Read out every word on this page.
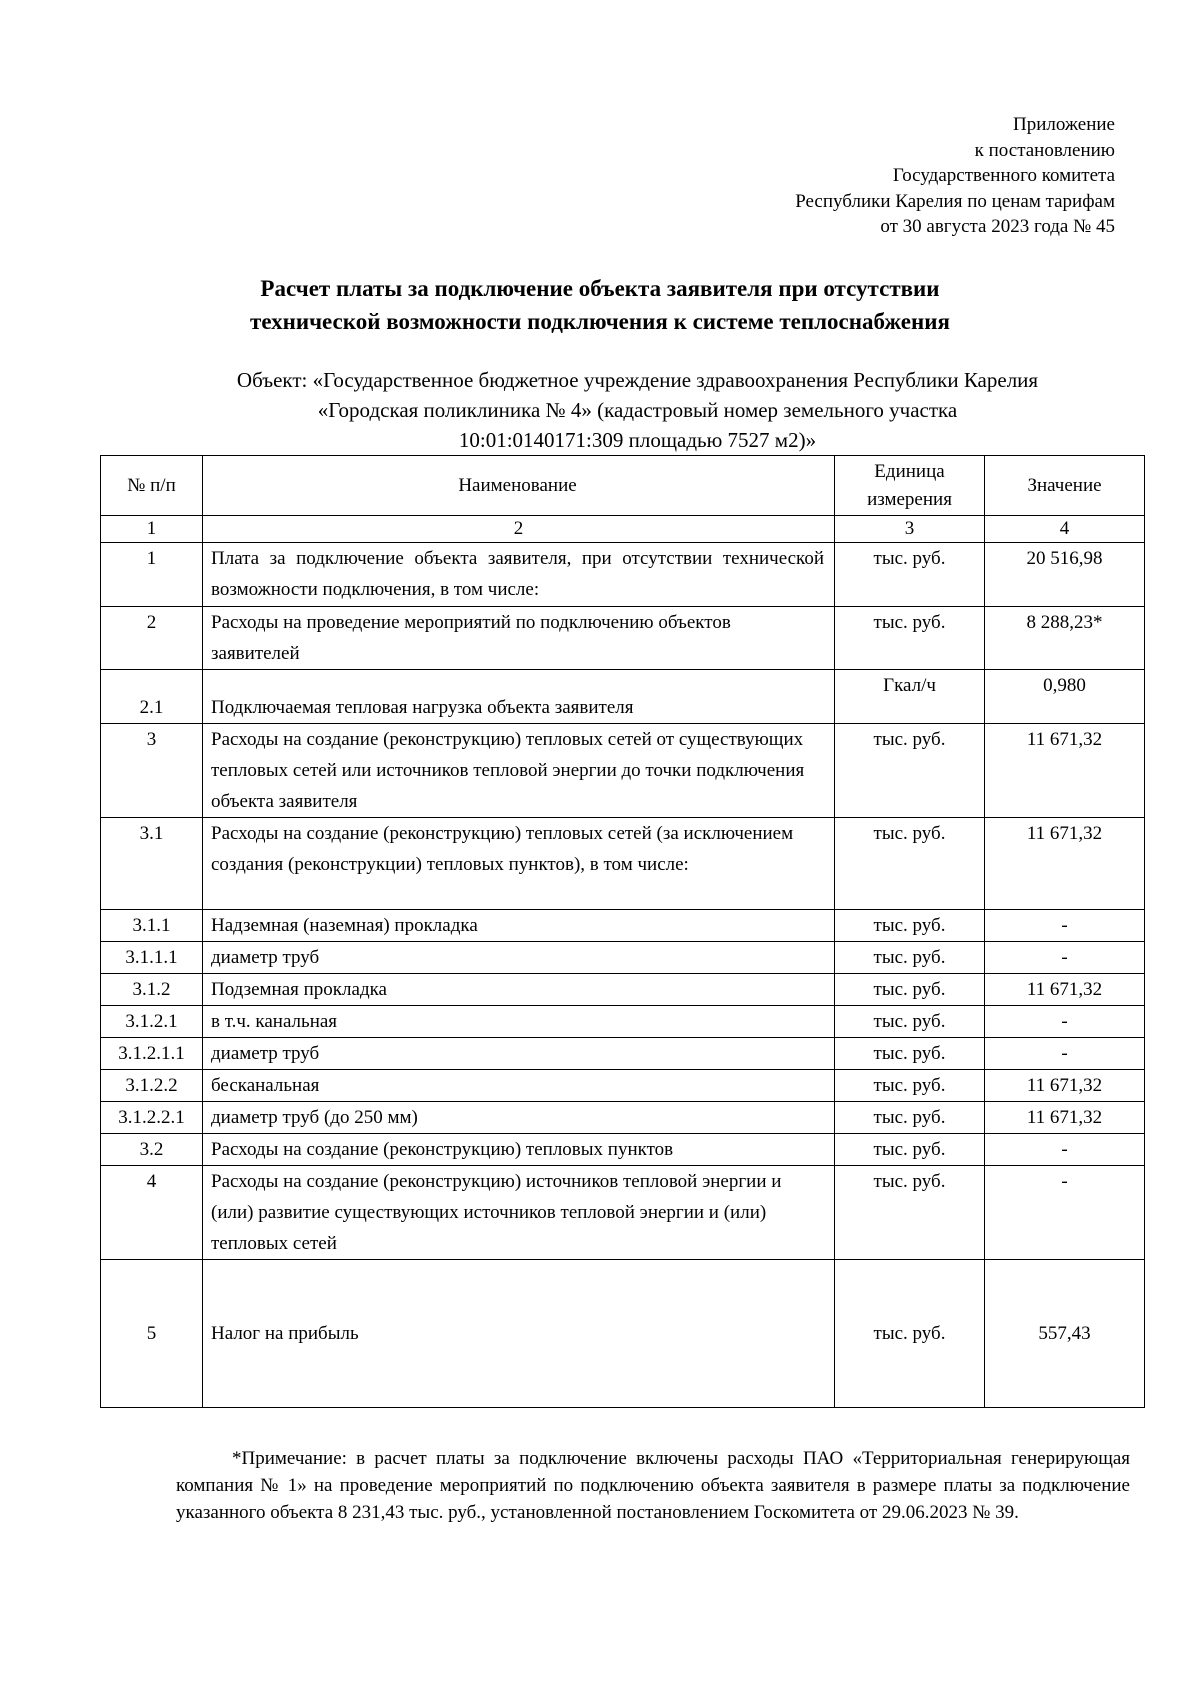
Приложение
к постановлению
Государственного комитета
Республики Карелия по ценам тарифам
от 30 августа 2023 года № 45
Расчет платы за подключение объекта заявителя при отсутствии
технической возможности подключения к системе теплоснабжения
Объект: «Государственное бюджетное учреждение здравоохранения Республики Карелия
«Городская поликлиника № 4» (кадастровый номер земельного участка
10:01:0140171:309 площадью 7527 м2)»
№ п/п	Наименование	Единица измерения	Значение
1	2	3	4
1	Плата за подключение объекта заявителя, при отсутствии технической возможности подключения, в том числе:	тыс. руб.	20 516,98
2	Расходы на проведение мероприятий по подключению объектов заявителей	тыс. руб.	8 288,23*
2.1	Подключаемая тепловая нагрузка объекта заявителя	Гкал/ч	0,980
3	Расходы на создание (реконструкцию) тепловых сетей от существующих тепловых сетей или источников тепловой энергии до точки подключения объекта заявителя	тыс. руб.	11 671,32
3.1	Расходы на создание (реконструкцию) тепловых сетей (за исключением создания (реконструкции) тепловых пунктов), в том числе:	тыс. руб.	11 671,32
3.1.1	Надземная (наземная) прокладка	тыс. руб.	-
3.1.1.1	диаметр труб	тыс. руб.	-
3.1.2	Подземная прокладка	тыс. руб.	11 671,32
3.1.2.1	в т.ч. канальная	тыс. руб.	-
3.1.2.1.1	диаметр труб	тыс. руб.	-
3.1.2.2	бесканальная	тыс. руб.	11 671,32
3.1.2.2.1	диаметр труб (до 250 мм)	тыс. руб.	11 671,32
3.2	Расходы на создание (реконструкцию) тепловых пунктов	тыс. руб.	-
4	Расходы на создание (реконструкцию) источников тепловой энергии и (или) развитие существующих источников тепловой энергии и (или) тепловых сетей	тыс. руб.	-
5	Налог на прибыль	тыс. руб.	557,43
*Примечание: в расчет платы за подключение включены расходы ПАО «Территориальная генерирующая компания № 1» на проведение мероприятий по подключению объекта заявителя в размере платы за подключение указанного объекта 8 231,43 тыс. руб., установленной постановлением Госкомитета от 29.06.2023 № 39.
